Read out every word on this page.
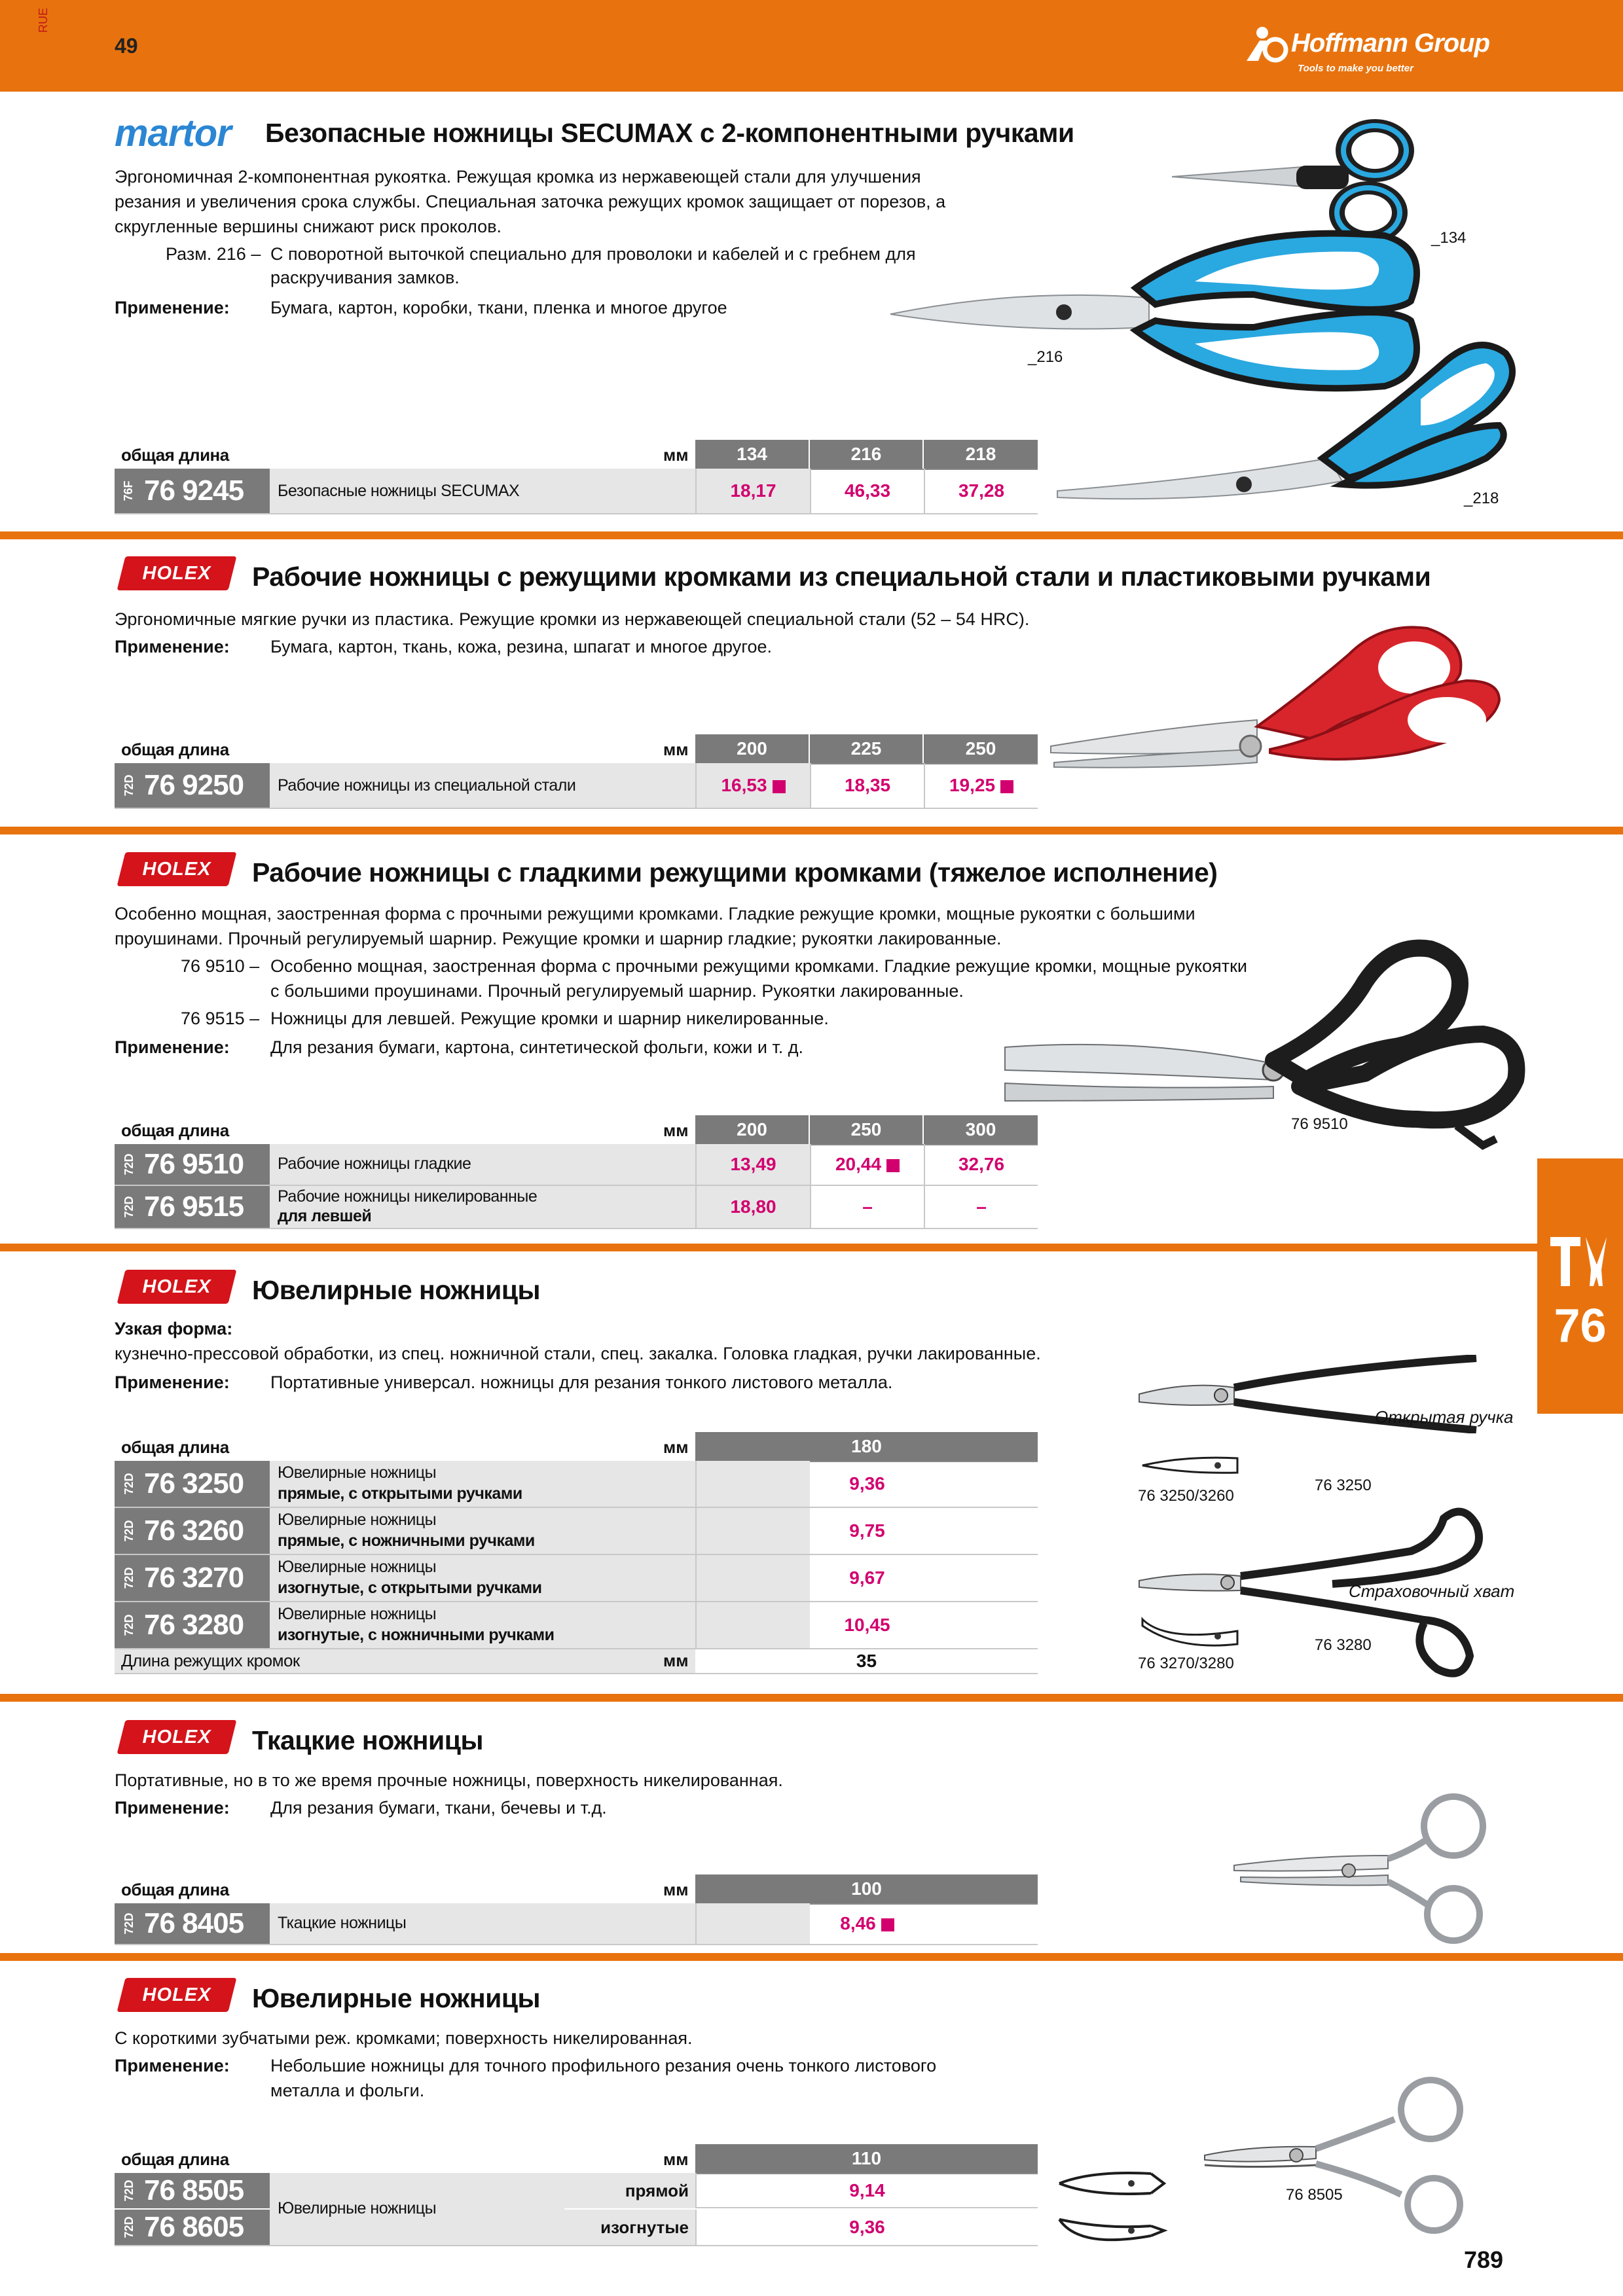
RUE
49	Hoffmann Group
Tools to make you better
martor Безопасные ножницы SECUMAX с 2-компонентными ручками
Эргономичная 2-компонентная рукоятка. Режущая кромка из нержавеющей стали для улучшения
резания и увеличения срока службы. Специальная заточка режущих кромок защищает от порезов, а
скругленные вершины снижают риск проколов.
Разм. 216 – С поворотной выточкой специально для проволоки и кабелей и с гребнем для
раскручивания замков.
Применение: Бумага, картон, коробки, ткани, пленка и многое другое
общая длина	мм	134	216	218
76F 76 9245 Безопасные ножницы SECUMAX	18,17	46,33	37,28
_134
_216
_218
HOLEX	Рабочие ножницы с режущими кромками из специальной стали и пластиковыми ручками
Эргономичные мягкие ручки из пластика. Режущие кромки из нержавеющей специальной стали (52 – 54 HRC).
Применение: Бумага, картон, ткань, кожа, резина, шпагат и многое другое.
общая длина	мм	200	225	250
72D 76 9250 Рабочие ножницы из специальной стали	16,53	18,35	19,25
HOLEX	Рабочие ножницы с гладкими режущими кромками (тяжелое исполнение)
Особенно мощная, заостренная форма с прочными режущими кромками. Гладкие режущие кромки, мощные рукоятки с большими
проушинами. Прочный регулируемый шарнир. Режущие кромки и шарнир гладкие; рукоятки лакированные.
76 9510 – Особенно мощная, заостренная форма с прочными режущими кромками. Гладкие режущие кромки, мощные рукоятки
с большими проушинами. Прочный регулируемый шарнир. Рукоятки лакированные.
76 9515 – Ножницы для левшей. Режущие кромки и шарнир никелированные.
Применение: Для резания бумаги, картона, синтетической фольги, кожи и т. д.
общая длина	мм	200	250	300
72D 76 9510 Рабочие ножницы гладкие	13,49	20,44	32,76
72D 76 9515 Рабочие ножницы никелированные
для левшей	18,80	–	–
76 9510
HOLEX	Ювелирные ножницы
Узкая форма:
кузнечно-прессовой обработки, из спец. ножничной стали, спец. закалка. Головка гладкая, ручки лакированные.
Применение: Портативные универсал. ножницы для резания тонкого листового металла.
общая длина	мм	180
72D 76 3250 Ювелирные ножницы
прямые, с открытыми ручками	9,36
72D 76 3260 Ювелирные ножницы
прямые, с ножничными ручками	9,75
72D 76 3270 Ювелирные ножницы
изогнутые, с открытыми ручками	9,67
72D 76 3280 Ювелирные ножницы
изогнутые, с ножничными ручками	10,45
Длина режущих кромок	мм	35
Открытая ручка
76 3250/3260
76 3250
Страховочный хват
76 3270/3280
76 3280
76
HOLEX	Ткацкие ножницы
Портативные, но в то же время прочные ножницы, поверхность никелированная.
Применение: Для резания бумаги, ткани, бечевы и т.д.
общая длина	мм	100
72D 76 8405 Ткацкие ножницы	8,46
HOLEX	Ювелирные ножницы
С короткими зубчатыми реж. кромками; поверхность никелированная.
Применение: Небольшие ножницы для точного профильного резания очень тонкого листового
металла и фольги.
общая длина	мм	110
Ювелирные ножницы
72D 76 8505	прямой	9,14
72D 76 8605	изогнутые	9,36
76 8505
789
